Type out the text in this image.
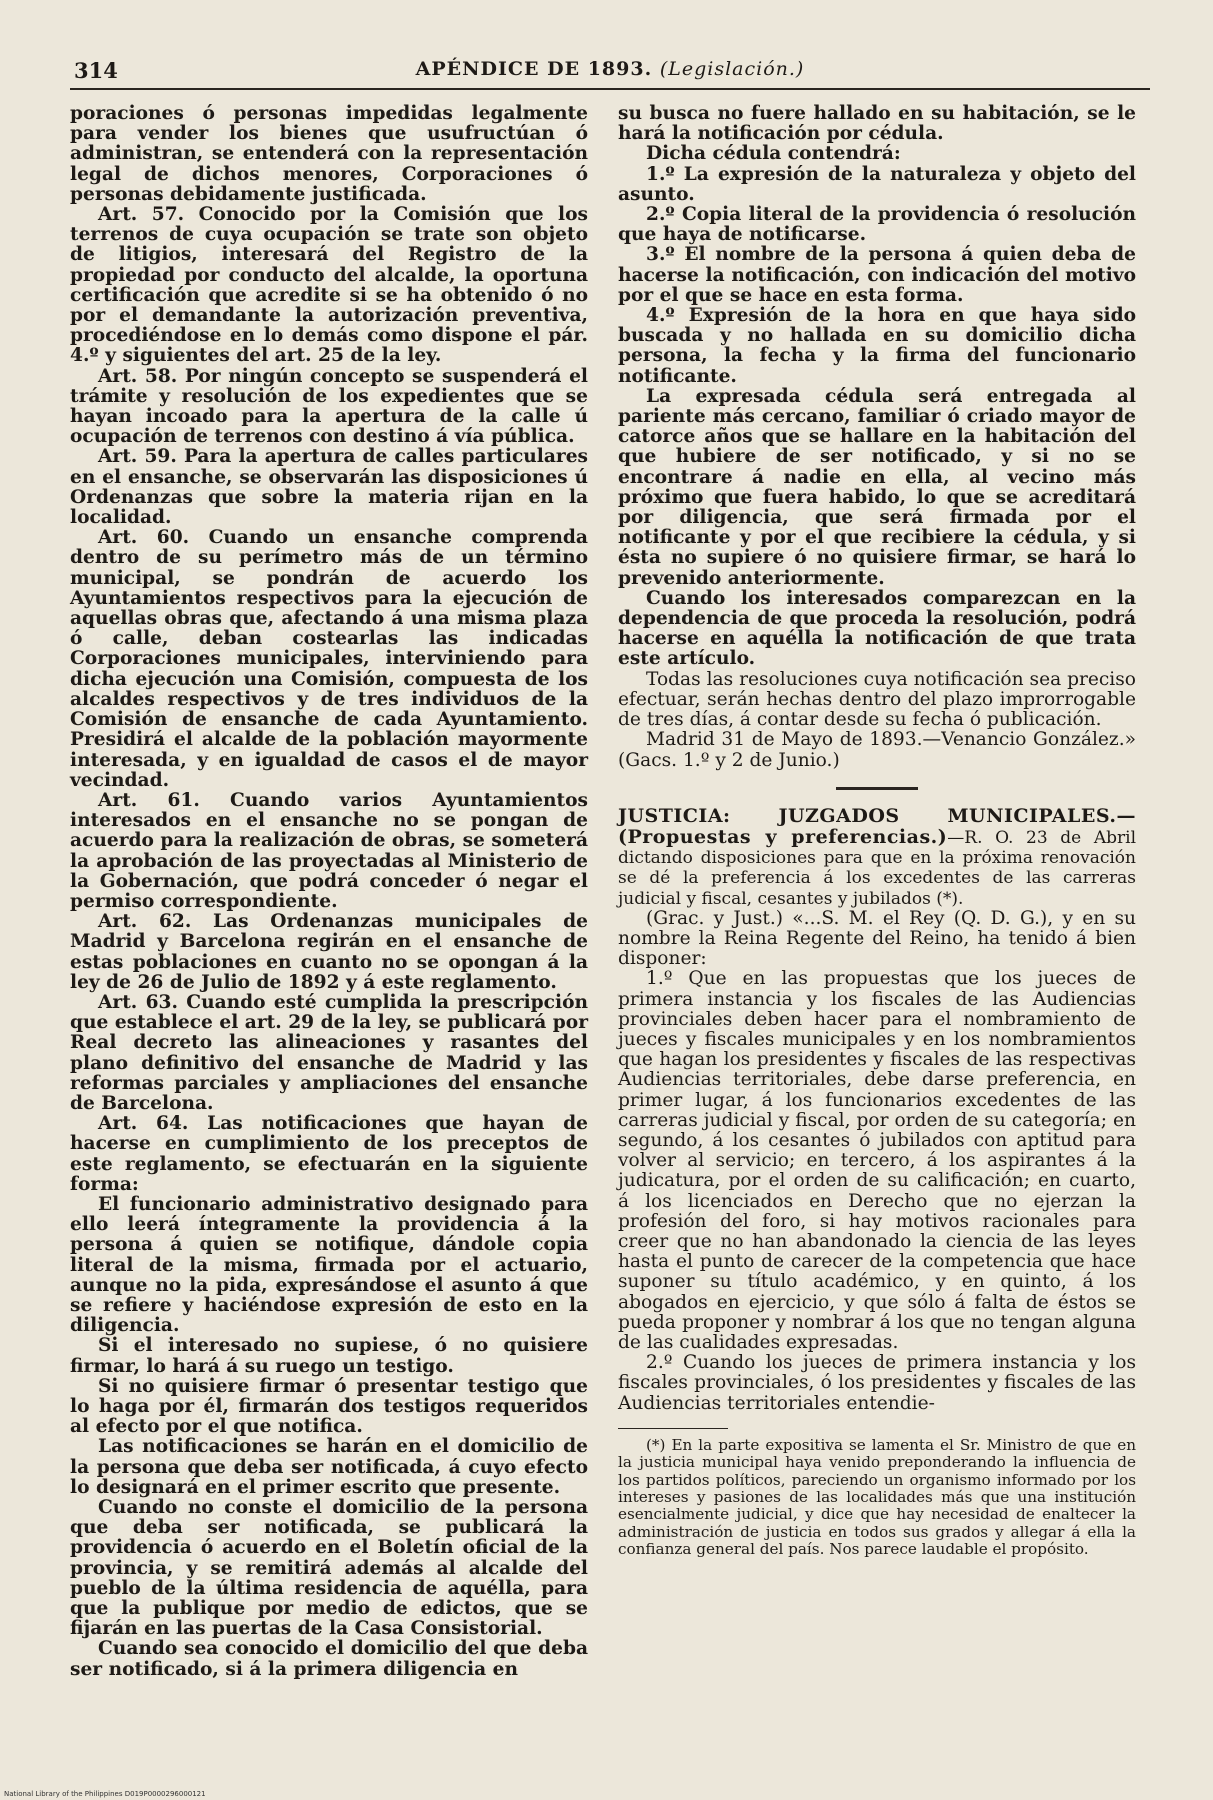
314	APÉNDICE DE 1893. (Legislación.)

poraciones ó personas impedidas legalmente para vender los bienes que usufructúan ó administran, se entenderá con la representación legal de dichos menores, Corporaciones ó personas debidamente justificada.

Art. 57. Conocido por la Comisión que los terrenos de cuya ocupación se trate son objeto de litigios, interesará del Registro de la propiedad por conducto del alcalde, la oportuna certificación que acredite si se ha obtenido ó no por el demandante la autorización preventiva, procediéndose en lo demás como dispone el pár. 4.º y siguientes del art. 25 de la ley.

Art. 58. Por ningún concepto se suspenderá el trámite y resolución de los expedientes que se hayan incoado para la apertura de la calle ú ocupación de terrenos con destino á vía pública.

Art. 59. Para la apertura de calles particulares en el ensanche, se observarán las disposiciones ú Ordenanzas que sobre la materia rijan en la localidad.

Art. 60. Cuando un ensanche comprenda dentro de su perímetro más de un término municipal, se pondrán de acuerdo los Ayuntamientos respectivos para la ejecución de aquellas obras que, afectando á una misma plaza ó calle, deban costearlas las indicadas Corporaciones municipales, interviniendo para dicha ejecución una Comisión, compuesta de los alcaldes respectivos y de tres individuos de la Comisión de ensanche de cada Ayuntamiento. Presidirá el alcalde de la población mayormente interesada, y en igualdad de casos el de mayor vecindad.

Art. 61. Cuando varios Ayuntamientos interesados en el ensanche no se pongan de acuerdo para la realización de obras, se someterá la aprobación de las proyectadas al Ministerio de la Gobernación, que podrá conceder ó negar el permiso correspondiente.

Art. 62. Las Ordenanzas municipales de Madrid y Barcelona regirán en el ensanche de estas poblaciones en cuanto no se opongan á la ley de 26 de Julio de 1892 y á este reglamento.

Art. 63. Cuando esté cumplida la prescripción que establece el art. 29 de la ley, se publicará por Real decreto las alineaciones y rasantes del plano definitivo del ensanche de Madrid y las reformas parciales y ampliaciones del ensanche de Barcelona.

Art. 64. Las notificaciones que hayan de hacerse en cumplimiento de los preceptos de este reglamento, se efectuarán en la siguiente forma:

El funcionario administrativo designado para ello leerá íntegramente la providencia á la persona á quien se notifique, dándole copia literal de la misma, firmada por el actuario, aunque no la pida, expresándose el asunto á que se refiere y haciéndose expresión de esto en la diligencia.

Si el interesado no supiese, ó no quisiere firmar, lo hará á su ruego un testigo.

Si no quisiere firmar ó presentar testigo que lo haga por él, firmarán dos testigos requeridos al efecto por el que notifica.

Las notificaciones se harán en el domicilio de la persona que deba ser notificada, á cuyo efecto lo designará en el primer escrito que presente.

Cuando no conste el domicilio de la persona que deba ser notificada, se publicará la providencia ó acuerdo en el Boletín oficial de la provincia, y se remitirá además al alcalde del pueblo de la última residencia de aquélla, para que la publique por medio de edictos, que se fijarán en las puertas de la Casa Consistorial.

Cuando sea conocido el domicilio del que deba ser notificado, si á la primera diligencia en

su busca no fuere hallado en su habitación, se le hará la notificación por cédula.

Dicha cédula contendrá:

1.º La expresión de la naturaleza y objeto del asunto.

2.º Copia literal de la providencia ó resolución que haya de notificarse.

3.º El nombre de la persona á quien deba de hacerse la notificación, con indicación del motivo por el que se hace en esta forma.

4.º Expresión de la hora en que haya sido buscada y no hallada en su domicilio dicha persona, la fecha y la firma del funcionario notificante.

La expresada cédula será entregada al pariente más cercano, familiar ó criado mayor de catorce años que se hallare en la habitación del que hubiere de ser notificado, y si no se encontrare á nadie en ella, al vecino más próximo que fuera habido, lo que se acreditará por diligencia, que será firmada por el notificante y por el que recibiere la cédula, y si ésta no supiere ó no quisiere firmar, se hará lo prevenido anteriormente.

Cuando los interesados comparezcan en la dependencia de que proceda la resolución, podrá hacerse en aquélla la notificación de que trata este artículo.

Todas las resoluciones cuya notificación sea preciso efectuar, serán hechas dentro del plazo improrrogable de tres días, á contar desde su fecha ó publicación.

Madrid 31 de Mayo de 1893.—Venancio González.» (Gacs. 1.º y 2 de Junio.)

JUSTICIA: JUZGADOS MUNICIPALES.—(Propuestas y preferencias.)—R. O. 23 de Abril dictando disposiciones para que en la próxima renovación se dé la preferencia á los excedentes de las carreras judicial y fiscal, cesantes y jubilados (*).

(Grac. y Just.) «...S. M. el Rey (Q. D. G.), y en su nombre la Reina Regente del Reino, ha tenido á bien disponer:

1.º Que en las propuestas que los jueces de primera instancia y los fiscales de las Audiencias provinciales deben hacer para el nombramiento de jueces y fiscales municipales y en los nombramientos que hagan los presidentes y fiscales de las respectivas Audiencias territoriales, debe darse preferencia, en primer lugar, á los funcionarios excedentes de las carreras judicial y fiscal, por orden de su categoría; en segundo, á los cesantes ó jubilados con aptitud para volver al servicio; en tercero, á los aspirantes á la judicatura, por el orden de su calificación; en cuarto, á los licenciados en Derecho que no ejerzan la profesión del foro, si hay motivos racionales para creer que no han abandonado la ciencia de las leyes hasta el punto de carecer de la competencia que hace suponer su título académico, y en quinto, á los abogados en ejercicio, y que sólo á falta de éstos se pueda proponer y nombrar á los que no tengan alguna de las cualidades expresadas.

2.º Cuando los jueces de primera instancia y los fiscales provinciales, ó los presidentes y fiscales de las Audiencias territoriales entendie-

(*) En la parte expositiva se lamenta el Sr. Ministro de que en la justicia municipal haya venido preponderando la influencia de los partidos políticos, pareciendo un organismo informado por los intereses y pasiones de las localidades más que una institución esencialmente judicial, y dice que hay necesidad de enaltecer la administración de justicia en todos sus grados y allegar á ella la confianza general del país. Nos parece laudable el propósito.

National Library of the Philippines D019P0000296000121
